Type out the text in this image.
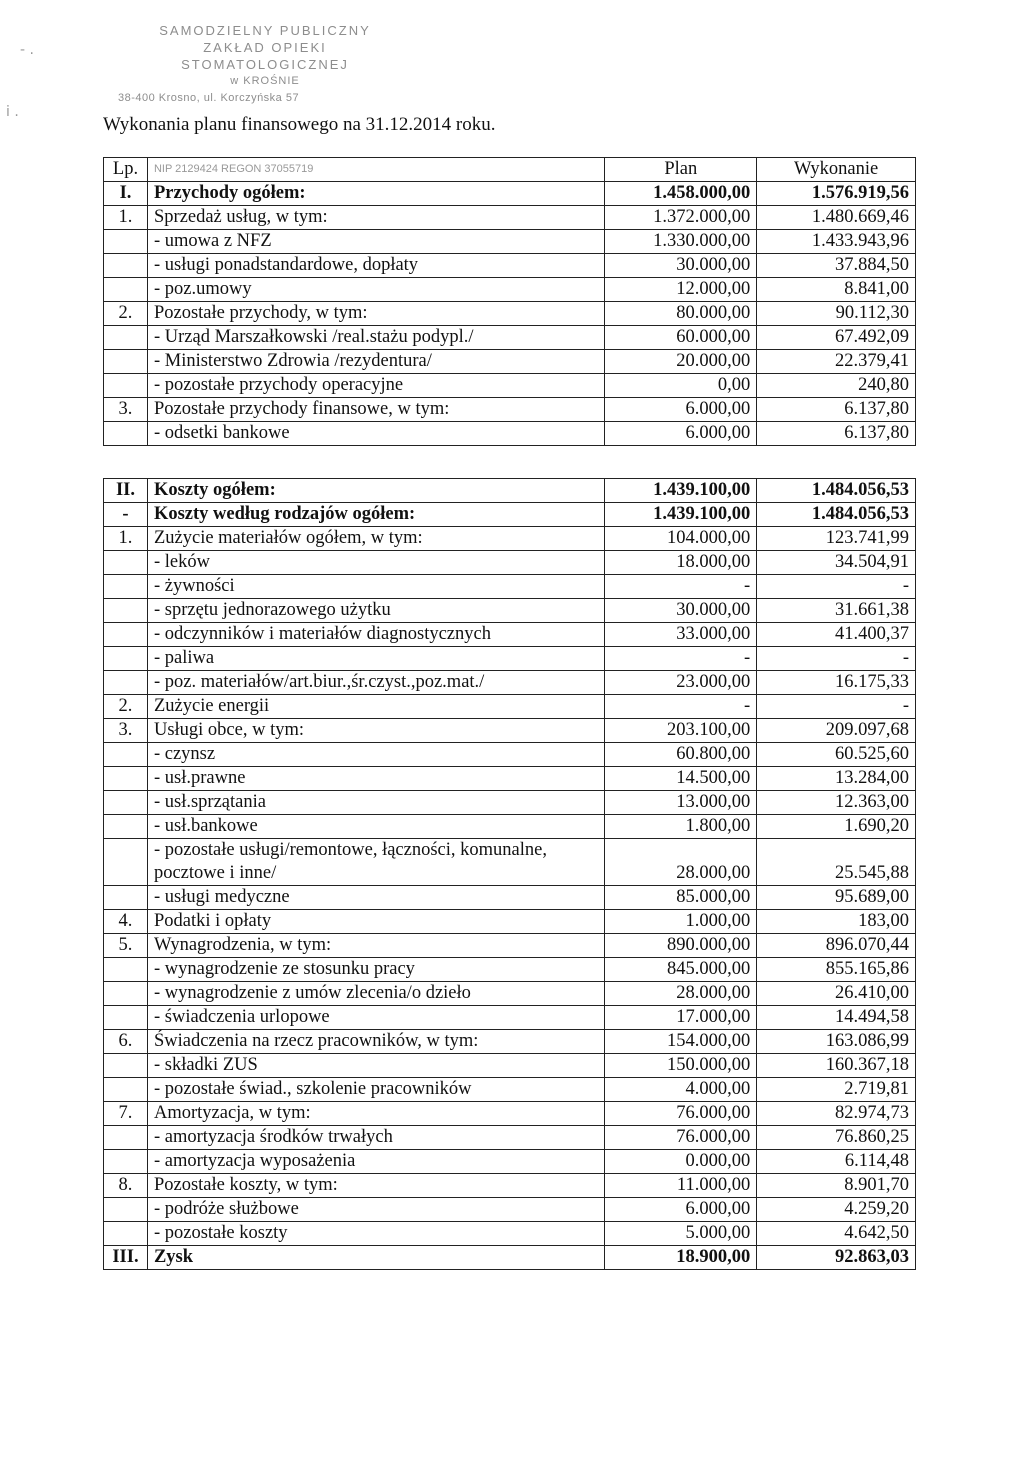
SAMODZIELNY PUBLICZNY
ZAKŁAD OPIEKI
STOMATOLOGICZNEJ
w KROŚNIE
38-400 Krosno, ul. Korczyńska 57
- .
i .
Wykonania planu finansowego na 31.12.2014 roku.
Lp.	NIP 2129424 REGON 37055719	Plan	Wykonanie
I.	Przychody ogółem:	1.458.000,00	1.576.919,56
1.	Sprzedaż usług, w tym:	1.372.000,00	1.480.669,46
	- umowa z NFZ	1.330.000,00	1.433.943,96
	- usługi ponadstandardowe, dopłaty	30.000,00	37.884,50
	- poz.umowy	12.000,00	8.841,00
2.	Pozostałe przychody, w tym:	80.000,00	90.112,30
	- Urząd Marszałkowski /real.stażu podypl./	60.000,00	67.492,09
	- Ministerstwo Zdrowia /rezydentura/	20.000,00	22.379,41
	- pozostałe przychody operacyjne	0,00	240,80
3.	Pozostałe przychody finansowe, w tym:	6.000,00	6.137,80
	- odsetki bankowe	6.000,00	6.137,80

II.	Koszty ogółem:	1.439.100,00	1.484.056,53
-	Koszty według rodzajów ogółem:	1.439.100,00	1.484.056,53
1.	Zużycie materiałów ogółem, w tym:	104.000,00	123.741,99
	- leków	18.000,00	34.504,91
	- żywności	-	-
	- sprzętu jednorazowego użytku	30.000,00	31.661,38
	- odczynników i materiałów diagnostycznych	33.000,00	41.400,37
	- paliwa	-	-
	- poz. materiałów/art.biur.,śr.czyst.,poz.mat./	23.000,00	16.175,33
2.	Zużycie energii	-	-
3.	Usługi obce, w tym:	203.100,00	209.097,68
	- czynsz	60.800,00	60.525,60
	- usł.prawne	14.500,00	13.284,00
	- usł.sprzątania	13.000,00	12.363,00
	- usł.bankowe	1.800,00	1.690,20
	- pozostałe usługi/remontowe, łączności, komunalne, pocztowe i inne/	28.000,00	25.545,88
	- usługi medyczne	85.000,00	95.689,00
4.	Podatki i opłaty	1.000,00	183,00
5.	Wynagrodzenia, w tym:	890.000,00	896.070,44
	- wynagrodzenie ze stosunku pracy	845.000,00	855.165,86
	- wynagrodzenie z umów zlecenia/o dzieło	28.000,00	26.410,00
	- świadczenia urlopowe	17.000,00	14.494,58
6.	Świadczenia na rzecz pracowników, w tym:	154.000,00	163.086,99
	- składki ZUS	150.000,00	160.367,18
	- pozostałe świad., szkolenie pracowników	4.000,00	2.719,81
7.	Amortyzacja, w tym:	76.000,00	82.974,73
	- amortyzacja środków trwałych	76.000,00	76.860,25
	- amortyzacja wyposażenia	0.000,00	6.114,48
8.	Pozostałe koszty, w tym:	11.000,00	8.901,70
	- podróże służbowe	6.000,00	4.259,20
	- pozostałe koszty	5.000,00	4.642,50
III.	Zysk	18.900,00	92.863,03
